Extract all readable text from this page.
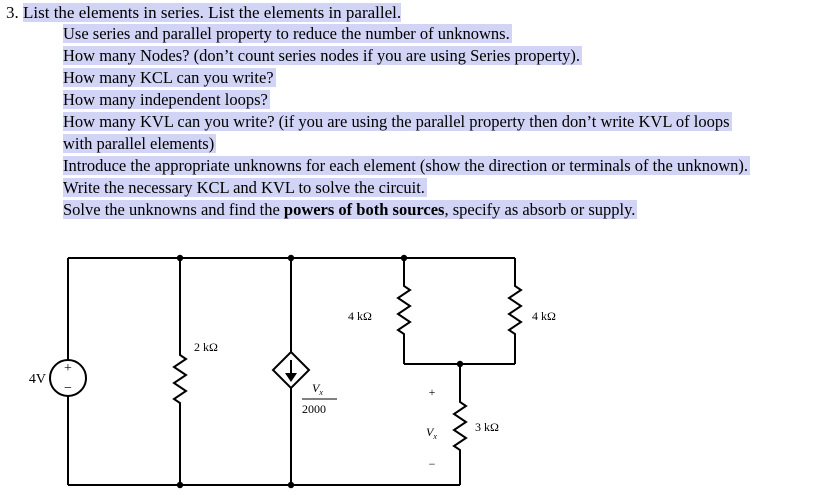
3. List the elements in series. List the elements in parallel.
Use series and parallel property to reduce the number of unknowns.
How many Nodes? (don’t count series nodes if you are using Series property).
How many KCL can you write?
How many independent loops?
How many KVL can you write? (if you are using the parallel property then don’t write KVL of loops
with parallel elements)
Introduce the appropriate unknowns for each element (show the direction or terminals of the unknown).
Write the necessary KCL and KVL to solve the circuit.
Solve the unknowns and find the powers of both sources, specify as absorb or supply.
+
−
4V
2 kΩ
$V_x$
2000
4 kΩ	4 kΩ
3 kΩ
+
$V_x$
−
